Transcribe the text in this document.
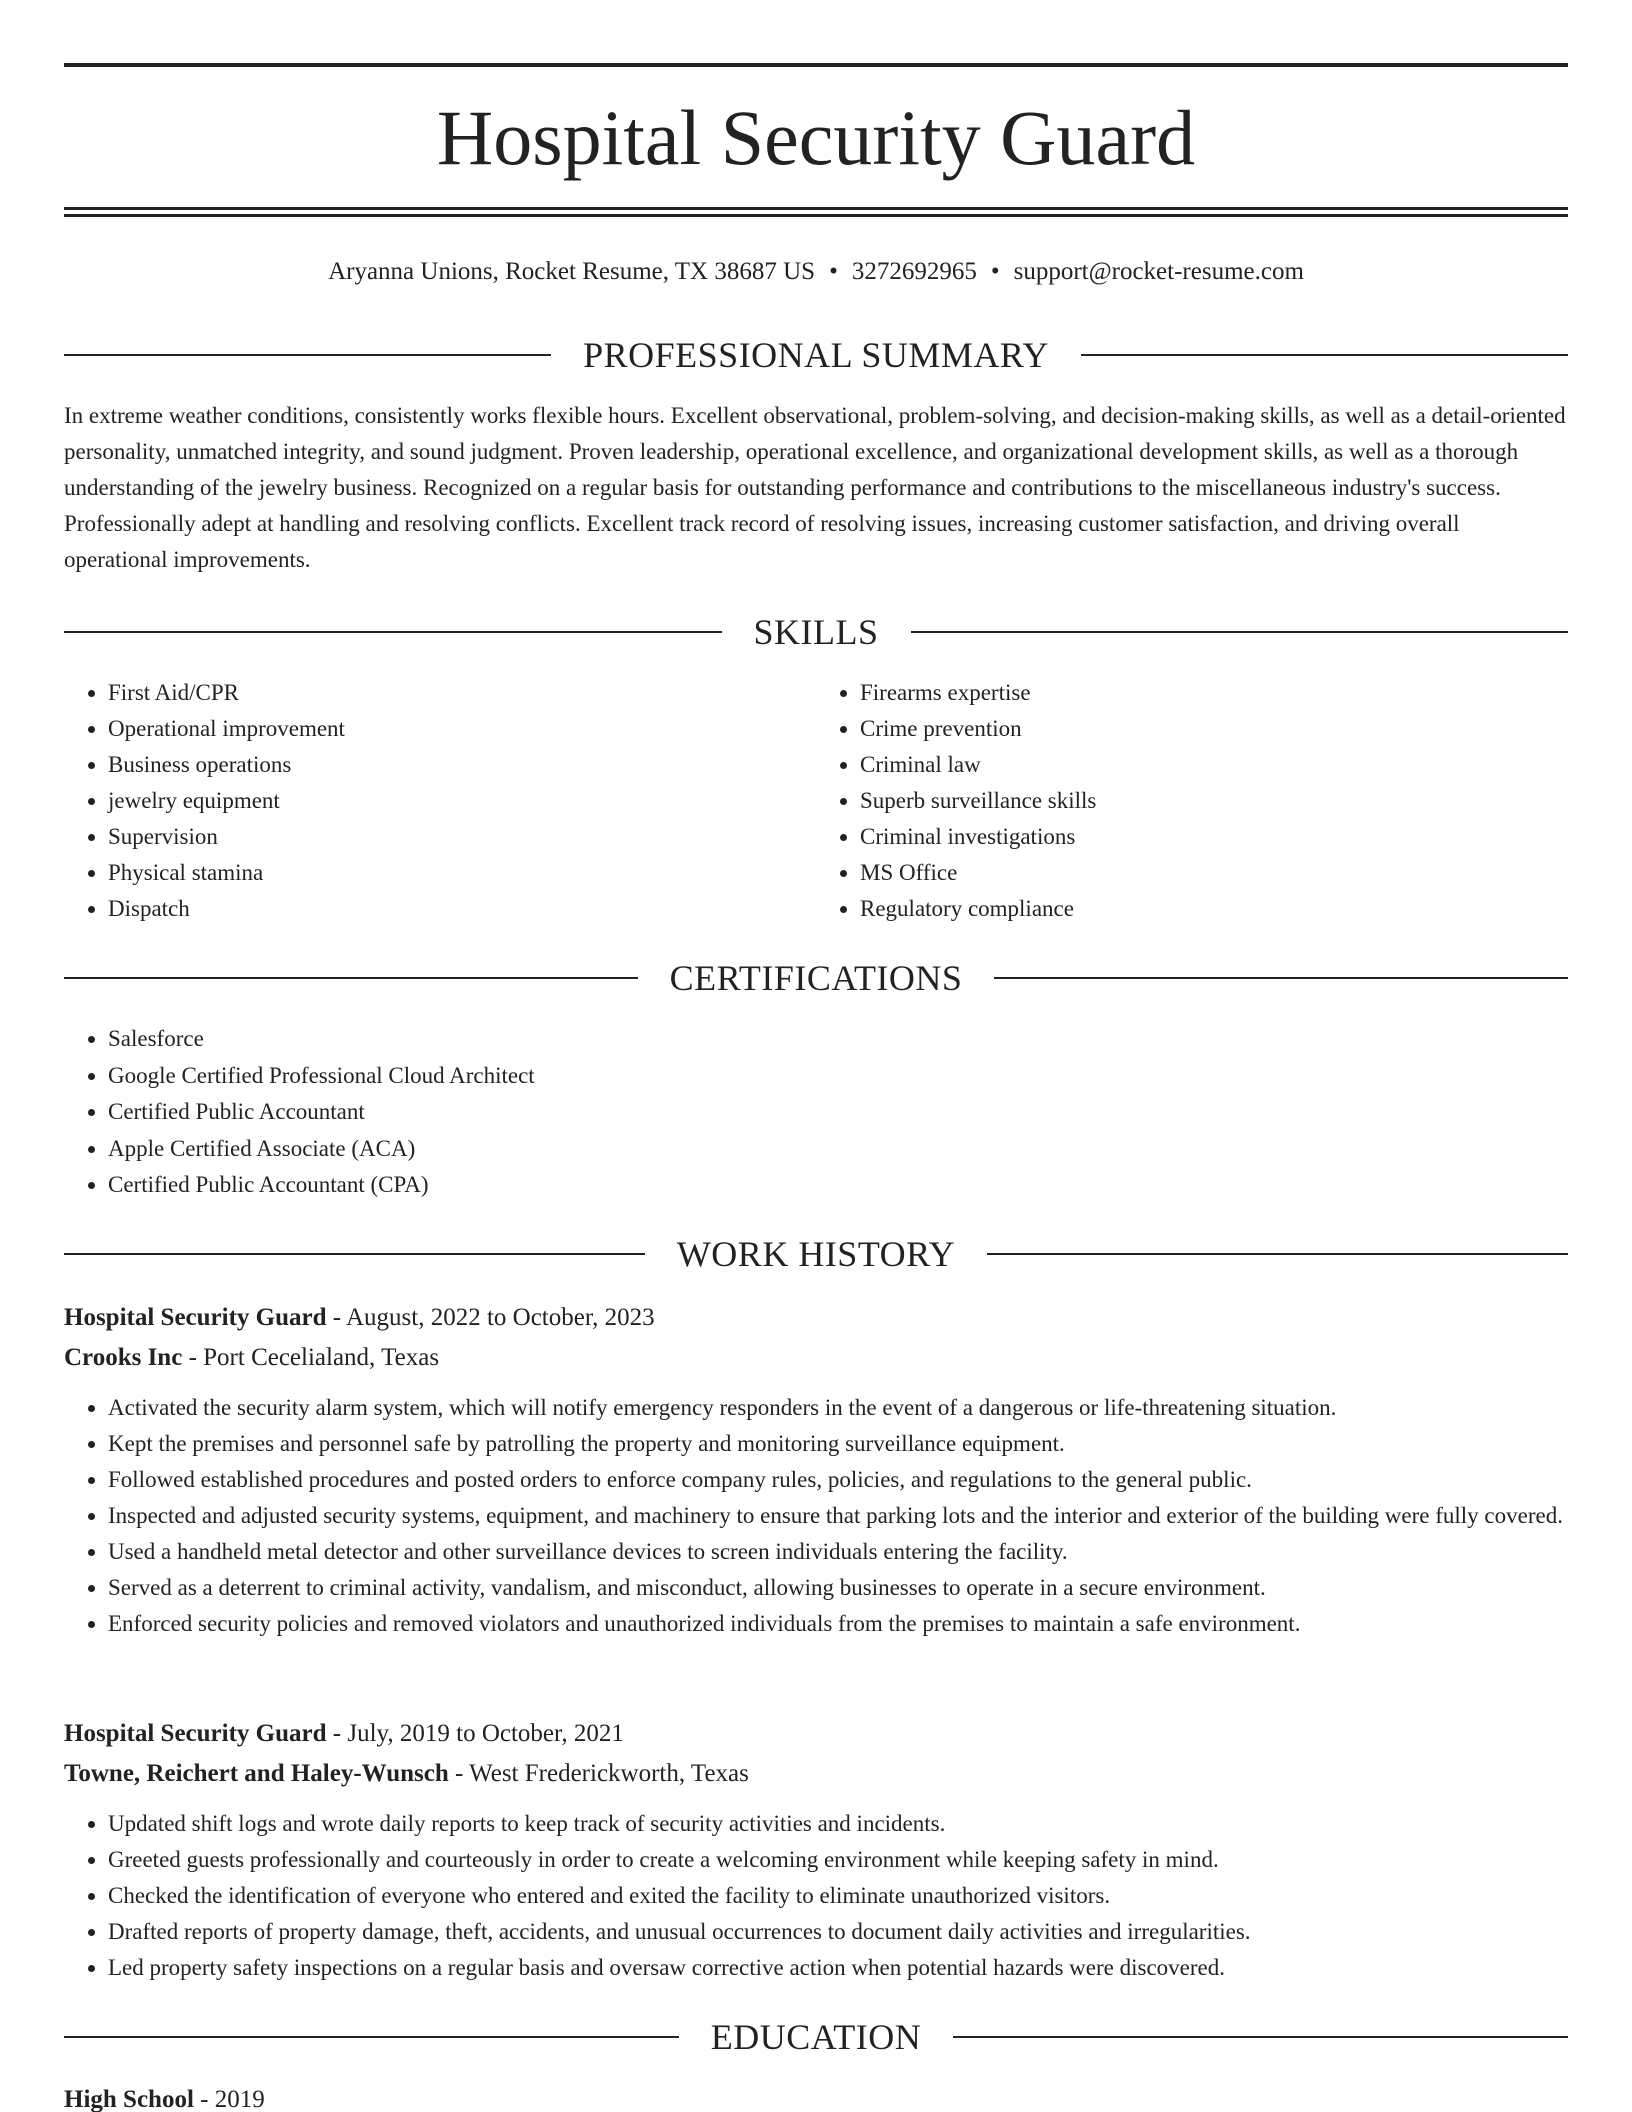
Hospital Security Guard
Aryanna Unions, Rocket Resume, TX 38687 US • 3272692965 • support@rocket-resume.com
PROFESSIONAL SUMMARY

In extreme weather conditions, consistently works flexible hours. Excellent observational, problem-solving, and decision-making skills, as well as a detail-oriented personality, unmatched integrity, and sound judgment. Proven leadership, operational excellence, and organizational development skills, as well as a thorough understanding of the jewelry business. Recognized on a regular basis for outstanding performance and contributions to the miscellaneous industry's success. Professionally adept at handling and resolving conflicts. Excellent track record of resolving issues, increasing customer satisfaction, and driving overall operational improvements.

SKILLS
• First Aid/CPR
• Operational improvement
• Business operations
• jewelry equipment
• Supervision
• Physical stamina
• Dispatch
• Firearms expertise
• Crime prevention
• Criminal law
• Superb surveillance skills
• Criminal investigations
• MS Office
• Regulatory compliance
CERTIFICATIONS
• Salesforce
• Google Certified Professional Cloud Architect
• Certified Public Accountant
• Apple Certified Associate (ACA)
• Certified Public Accountant (CPA)
WORK HISTORY
Hospital Security Guard - August, 2022 to October, 2023
Crooks Inc - Port Cecelialand, Texas
• Activated the security alarm system, which will notify emergency responders in the event of a dangerous or life-threatening situation.
• Kept the premises and personnel safe by patrolling the property and monitoring surveillance equipment.
• Followed established procedures and posted orders to enforce company rules, policies, and regulations to the general public.
• Inspected and adjusted security systems, equipment, and machinery to ensure that parking lots and the interior and exterior of the building were fully covered.
• Used a handheld metal detector and other surveillance devices to screen individuals entering the facility.
• Served as a deterrent to criminal activity, vandalism, and misconduct, allowing businesses to operate in a secure environment.
• Enforced security policies and removed violators and unauthorized individuals from the premises to maintain a safe environment.
Hospital Security Guard - July, 2019 to October, 2021
Towne, Reichert and Haley-Wunsch - West Frederickworth, Texas
• Updated shift logs and wrote daily reports to keep track of security activities and incidents.
• Greeted guests professionally and courteously in order to create a welcoming environment while keeping safety in mind.
• Checked the identification of everyone who entered and exited the facility to eliminate unauthorized visitors.
• Drafted reports of property damage, theft, accidents, and unusual occurrences to document daily activities and irregularities.
• Led property safety inspections on a regular basis and oversaw corrective action when potential hazards were discovered.
EDUCATION
High School - 2019
